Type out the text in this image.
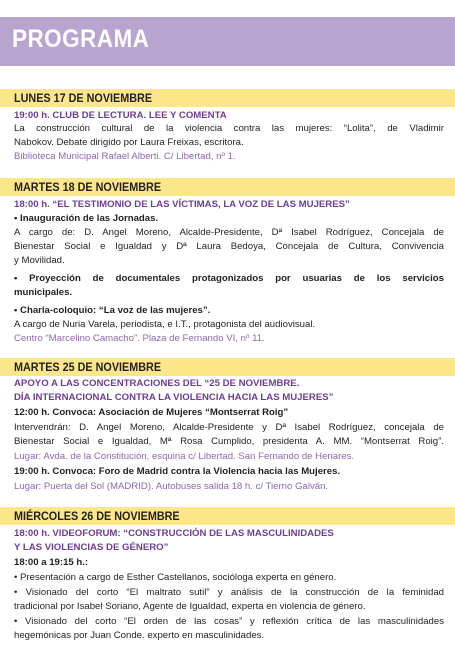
PROGRAMA
LUNES 17 DE NOVIEMBRE
19:00 h. CLUB DE LECTURA. LEE Y COMENTA
La construcción cultural de la violencia contra las mujeres: “Lolita”, de Vladimir
Nabokov. Debate dirigido por Laura Freixas, escritora.
Biblioteca Municipal Rafael Alberti. C/ Libertad, nº 1.
MARTES 18 DE NOVIEMBRE
18:00 h. “EL TESTIMONIO DE LAS VÍCTIMAS, LA VOZ DE LAS MUJERES”
• Inauguración de las Jornadas.
A cargo de: D. Angel Moreno, Alcalde-Presidente, Dª Isabel Rodríguez, Concejala de
Bienestar Social e Igualdad y Dª Laura Bedoya, Concejala de Cultura, Convivencia
y Movilidad.
• Proyección de documentales protagonizados por usuarias de los servicios
municipales.
• Charla-coloquio: “La voz de las mujeres”.
A cargo de Nuria Varela, periodista, e I.T., protagonista del audiovisual.
Centro “Marcelino Camacho”. Plaza de Fernando VI, nº 11.
MARTES 25 DE NOVIEMBRE
APOYO A LAS CONCENTRACIONES DEL “25 DE NOVIEMBRE.
DÍA INTERNACIONAL CONTRA LA VIOLENCIA HACIA LAS MUJERES”
12:00 h. Convoca: Asociación de Mujeres “Montserrat Roig”
Intervendrán: D. Angel Moreno, Alcalde-Presidente y Dª Isabel Rodríguez, concejala de
Bienestar Social e Igualdad, Mª Rosa Cumplido, presidenta A. MM. “Montserrat Roig”.
Lugar: Avda. de la Constitución, esquina c/ Libertad. San Fernando de Henares.
19:00 h. Convoca: Foro de Madrid contra la Violencia hacia las Mujeres.
Lugar: Puerta del Sol (MADRID). Autobuses salida 18 h. c/ Tierno Galván.
MIÉRCOLES 26 DE NOVIEMBRE
18:00 h. VIDEOFORUM: “CONSTRUCCIÓN DE LAS MASCULINIDADES
Y LAS VIOLENCIAS DE GÉNERO”
18:00 a 19:15 h.:
• Presentación a cargo de Esther Castellanos, socióloga experta en género.
• Visionado del corto “El maltrato sutil” y análisis de la construcción de la feminidad
tradicional por Isabel Soriano, Agente de Igualdad, experta en violencia de género.
• Visionado del corto “El orden de las cosas” y reflexión crítica de las masculinidades
hegemónicas por Juan Conde. experto en masculinidades.
